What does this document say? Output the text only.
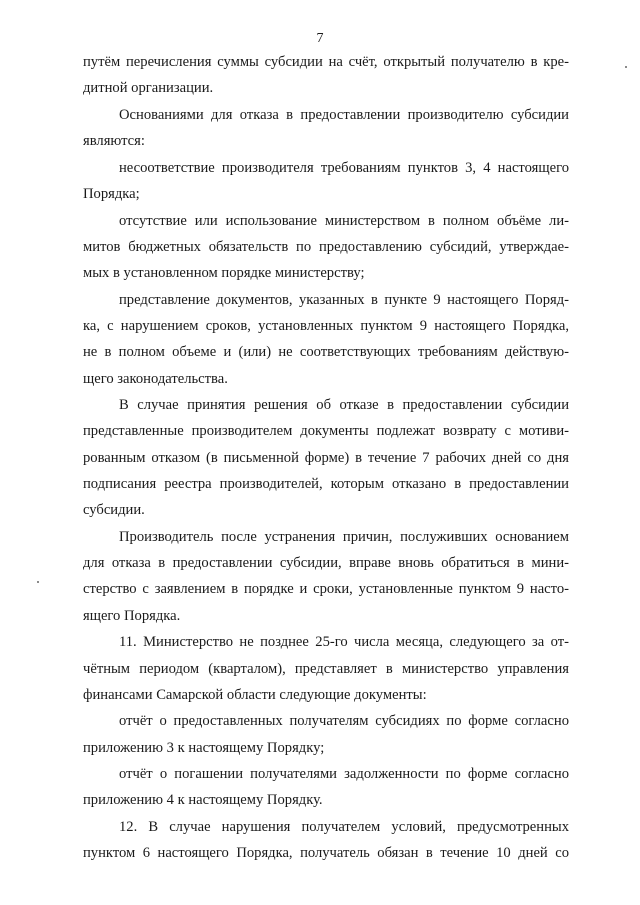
7
путём перечисления суммы субсидии на счёт, открытый получателю в кре-
дитной организации.
Основаниями для отказа в предоставлении производителю субсидии
являются:
несоответствие производителя требованиям пунктов 3, 4 настоящего
Порядка;
отсутствие или использование министерством в полном объёме ли-
митов бюджетных обязательств по предоставлению субсидий, утверждае-
мых в установленном порядке министерству;
представление документов, указанных в пункте 9 настоящего Поряд-
ка, с нарушением сроков, установленных пунктом 9 настоящего Порядка,
не в полном объеме и (или) не соответствующих требованиям действую-
щего законодательства.
В случае принятия решения об отказе в предоставлении субсидии
представленные производителем документы подлежат возврату с мотиви-
рованным отказом (в письменной форме) в течение 7 рабочих дней со дня
подписания реестра производителей, которым отказано в предоставлении
субсидии.
Производитель после устранения причин, послуживших основанием
для отказа в предоставлении субсидии, вправе вновь обратиться в мини-
стерство с заявлением в порядке и сроки, установленные пунктом 9 насто-
ящего Порядка.
11. Министерство не позднее 25-го числа месяца, следующего за от-
чётным периодом (кварталом), представляет в министерство управления
финансами Самарской области следующие документы:
отчёт о предоставленных получателям субсидиях по форме согласно
приложению 3 к настоящему Порядку;
отчёт о погашении получателями задолженности по форме согласно
приложению 4 к настоящему Порядку.
12. В случае нарушения получателем условий, предусмотренных
пунктом 6 настоящего Порядка, получатель обязан в течение 10 дней со
